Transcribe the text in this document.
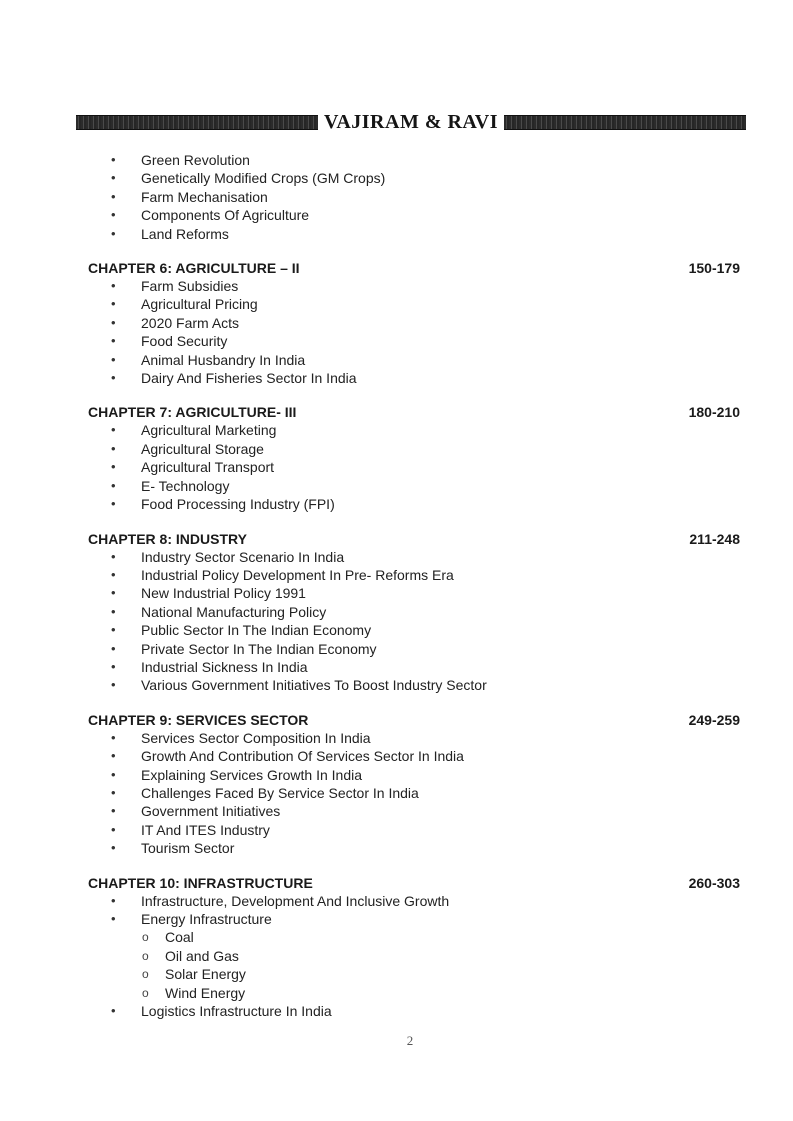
VAJIRAM & RAVI
• Green Revolution
• Genetically Modified Crops (GM Crops)
• Farm Mechanisation
• Components Of Agriculture
• Land Reforms
CHAPTER 6: AGRICULTURE – II	150-179
• Farm Subsidies
• Agricultural Pricing
• 2020 Farm Acts
• Food Security
• Animal Husbandry In India
• Dairy And Fisheries Sector In India
CHAPTER 7: AGRICULTURE- III	180-210
• Agricultural Marketing
• Agricultural Storage
• Agricultural Transport
• E- Technology
• Food Processing Industry (FPI)
CHAPTER 8: INDUSTRY	211-248
• Industry Sector Scenario In India
• Industrial Policy Development In Pre- Reforms Era
• New Industrial Policy 1991
• National Manufacturing Policy
• Public Sector In The Indian Economy
• Private Sector In The Indian Economy
• Industrial Sickness In India
• Various Government Initiatives To Boost Industry Sector
CHAPTER 9: SERVICES SECTOR	249-259
• Services Sector Composition In India
• Growth And Contribution Of Services Sector In India
• Explaining Services Growth In India
• Challenges Faced By Service Sector In India
• Government Initiatives
• IT And ITES Industry
• Tourism Sector
CHAPTER 10: INFRASTRUCTURE	260-303
• Infrastructure, Development And Inclusive Growth
• Energy Infrastructure
o Coal
o Oil and Gas
o Solar Energy
o Wind Energy
• Logistics Infrastructure In India
2
